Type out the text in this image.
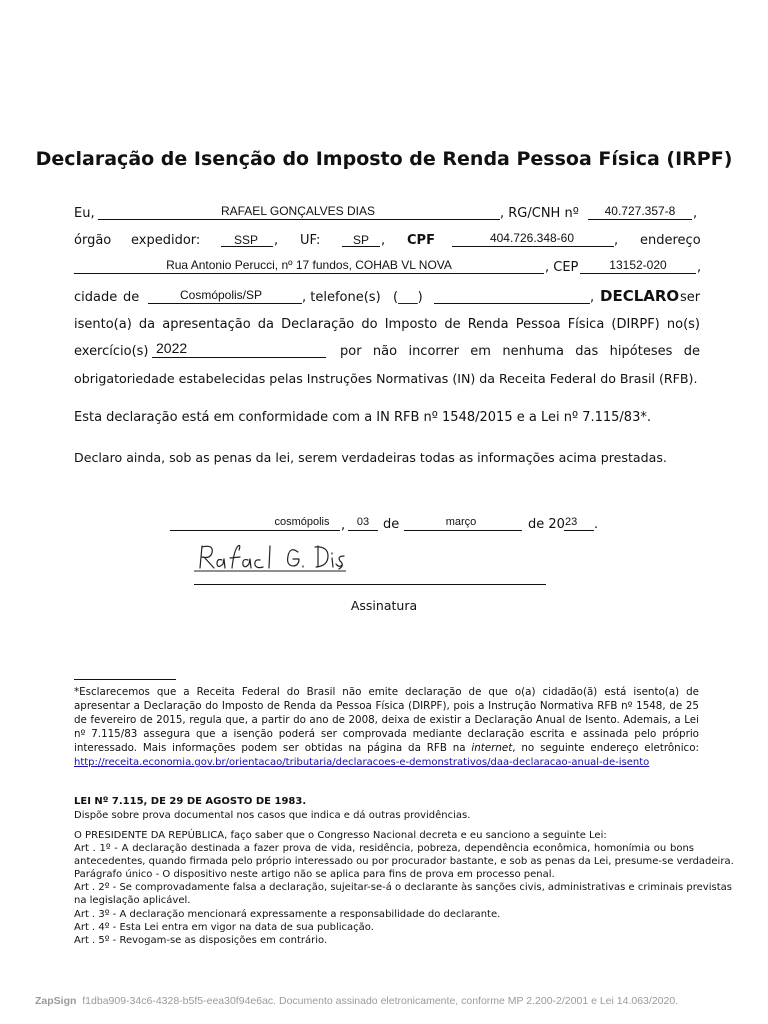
Declaração de Isenção do Imposto de Renda Pessoa Física (IRPF)
Eu,	RAFAEL GONÇALVES DIAS	, RG/CNH nº	40.727.357-8	,
órgão expedidor:	SSP	, UF:	SP , CPF	404.726.348-60	, endereço
Rua Antonio Perucci, nº 17 fundos, COHAB VL NOVA	, CEP	13152-020	,
cidade de	Cosmópolis/SP	, telefone(s) (___)	, DECLARO ser
isento(a) da apresentação da Declaração do Imposto de Renda Pessoa Física (DIRPF) no(s)
exercício(s) 2022	por não incorrer em nenhuma das hipóteses de
obrigatoriedade estabelecidas pelas Instruções Normativas (IN) da Receita Federal do Brasil (RFB).
Esta declaração está em conformidade com a IN RFB nº 1548/2015 e a Lei nº 7.115/83*.
Declaro ainda, sob as penas da lei, serem verdadeiras todas as informações acima prestadas.
cosmópolis ,	03	de	março	de 20 23 .
Assinatura
*Esclarecemos que a Receita Federal do Brasil não emite declaração de que o(a) cidadão(ã) está isento(a) de
apresentar a Declaração do Imposto de Renda da Pessoa Física (DIRPF), pois a Instrução Normativa RFB nº 1548, de 25
de fevereiro de 2015, regula que, a partir do ano de 2008, deixa de existir a Declaração Anual de Isento. Ademais, a Lei
nº 7.115/83 assegura que a isenção poderá ser comprovada mediante declaração escrita e assinada pelo próprio
interessado. Mais informações podem ser obtidas na página da RFB na internet, no seguinte endereço eletrônico:
http://receita.economia.gov.br/orientacao/tributaria/declaracoes-e-demonstrativos/daa-declaracao-anual-de-isento
LEI Nº 7.115, DE 29 DE AGOSTO DE 1983.
Dispõe sobre prova documental nos casos que indica e dá outras providências.
O PRESIDENTE DA REPÚBLICA, faço saber que o Congresso Nacional decreta e eu sanciono a seguinte Lei:
Art . 1º - A declaração destinada a fazer prova de vida, residência, pobreza, dependência econômica, homonímia ou bons
antecedentes, quando firmada pelo próprio interessado ou por procurador bastante, e sob as penas da Lei, presume-se verdadeira.
Parágrafo único - O dispositivo neste artigo não se aplica para fins de prova em processo penal.
Art . 2º - Se comprovadamente falsa a declaração, sujeitar-se-á o declarante às sanções civis, administrativas e criminais previstas
na legislação aplicável.
Art . 3º - A declaração mencionará expressamente a responsabilidade do declarante.
Art . 4º - Esta Lei entra em vigor na data de sua publicação.
Art . 5º - Revogam-se as disposições em contrário.
ZapSign f1dba909-34c6-4328-b5f5-eea30f94e6ac. Documento assinado eletronicamente, conforme MP 2.200-2/2001 e Lei 14.063/2020.
